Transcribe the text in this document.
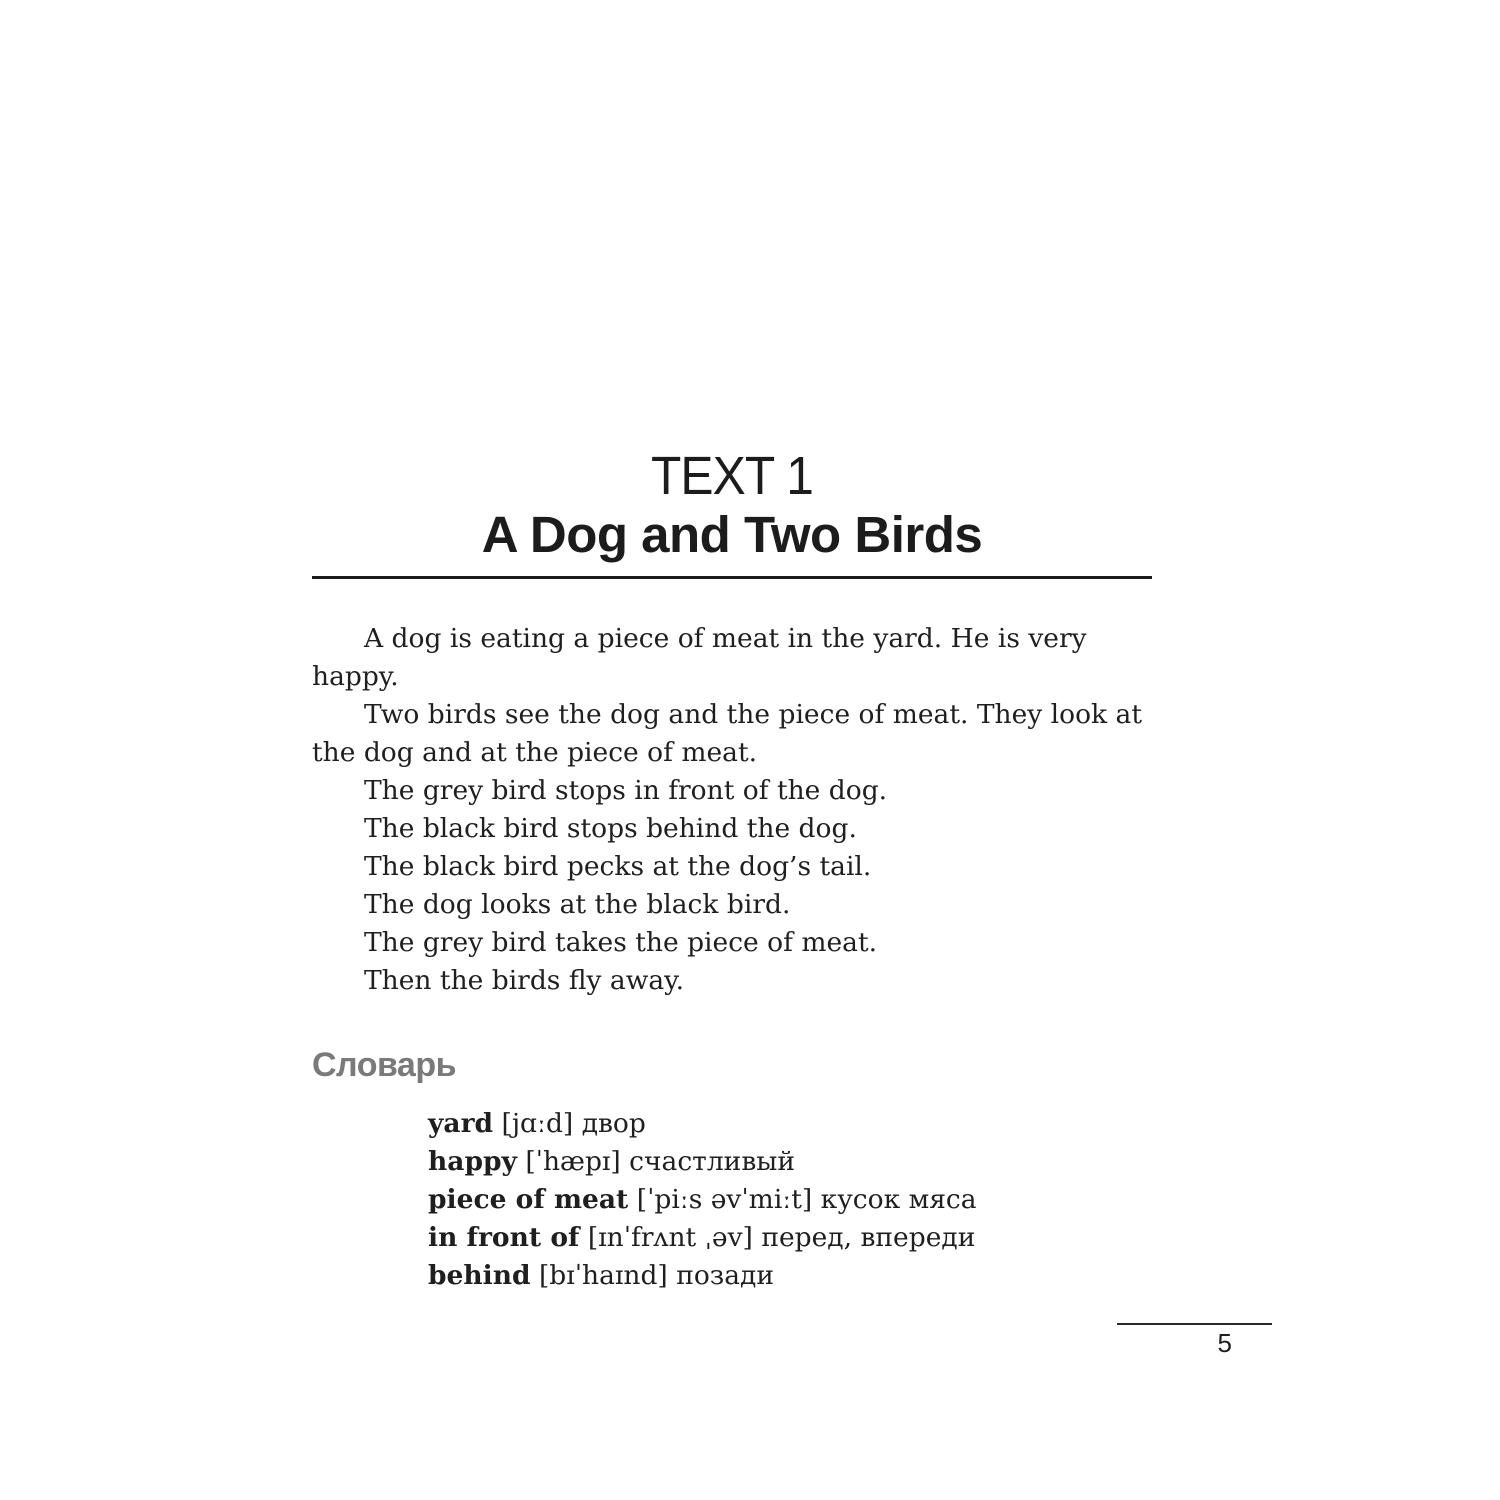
TEXT 1
A Dog and Two Birds

A dog is eating a piece of meat in the yard. He is very happy.

Two birds see the dog and the piece of meat. They look at the dog and at the piece of meat.

The grey bird stops in front of the dog.

The black bird stops behind the dog.

The black bird pecks at the dog’s tail.

The dog looks at the black bird.

The grey bird takes the piece of meat.

Then the birds fly away.

Словарь
yard [jɑːd] двор
happy [ˈhæpɪ] счастливый
piece of meat [ˈpiːs əvˈmiːt] кусок мяса
in front of [ɪnˈfrʌnt ˌəv] перед, впереди
behind [bɪˈhaɪnd] позади
5
